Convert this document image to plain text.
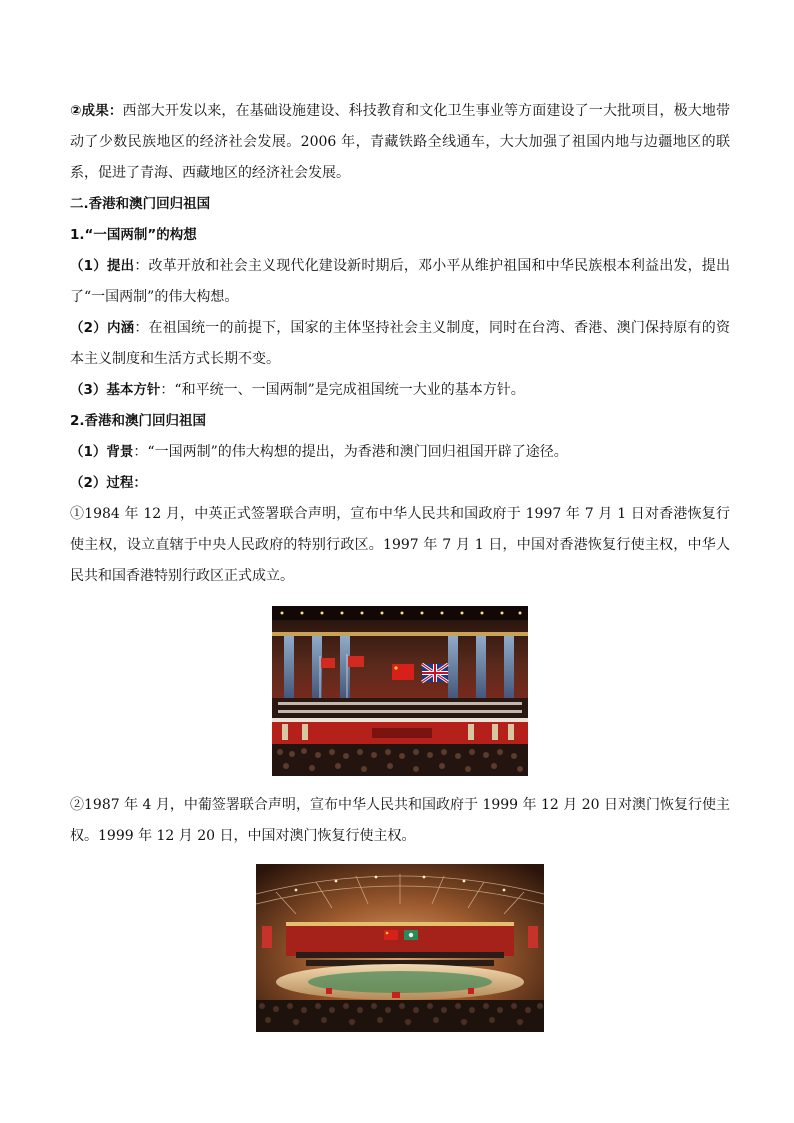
②成果：西部大开发以来，在基础设施建设、科技教育和文化卫生事业等方面建设了一大批项目，极大地带动了少数民族地区的经济社会发展。2006 年，青藏铁路全线通车，大大加强了祖国内地与边疆地区的联系，促进了青海、西藏地区的经济社会发展。

二.香港和澳门回归祖国

1.“一国两制”的构想

（1）提出：改革开放和社会主义现代化建设新时期后，邓小平从维护祖国和中华民族根本利益出发，提出了“一国两制”的伟大构想。

（2）内涵：在祖国统一的前提下，国家的主体坚持社会主义制度，同时在台湾、香港、澳门保持原有的资本主义制度和生活方式长期不变。

（3）基本方针：“和平统一、一国两制”是完成祖国统一大业的基本方针。

2.香港和澳门回归祖国

（1）背景：“一国两制”的伟大构想的提出，为香港和澳门回归祖国开辟了途径。

（2）过程：

①1984 年 12 月，中英正式签署联合声明，宣布中华人民共和国政府于 1997 年 7 月 1 日对香港恢复行使主权，设立直辖于中央人民政府的特别行政区。1997 年 7 月 1 日，中国对香港恢复行使主权，中华人民共和国香港特别行政区正式成立。

②1987 年 4 月，中葡签署联合声明，宣布中华人民共和国政府于 1999 年 12 月 20 日对澳门恢复行使主权。1999 年 12 月 20 日，中国对澳门恢复行使主权。
